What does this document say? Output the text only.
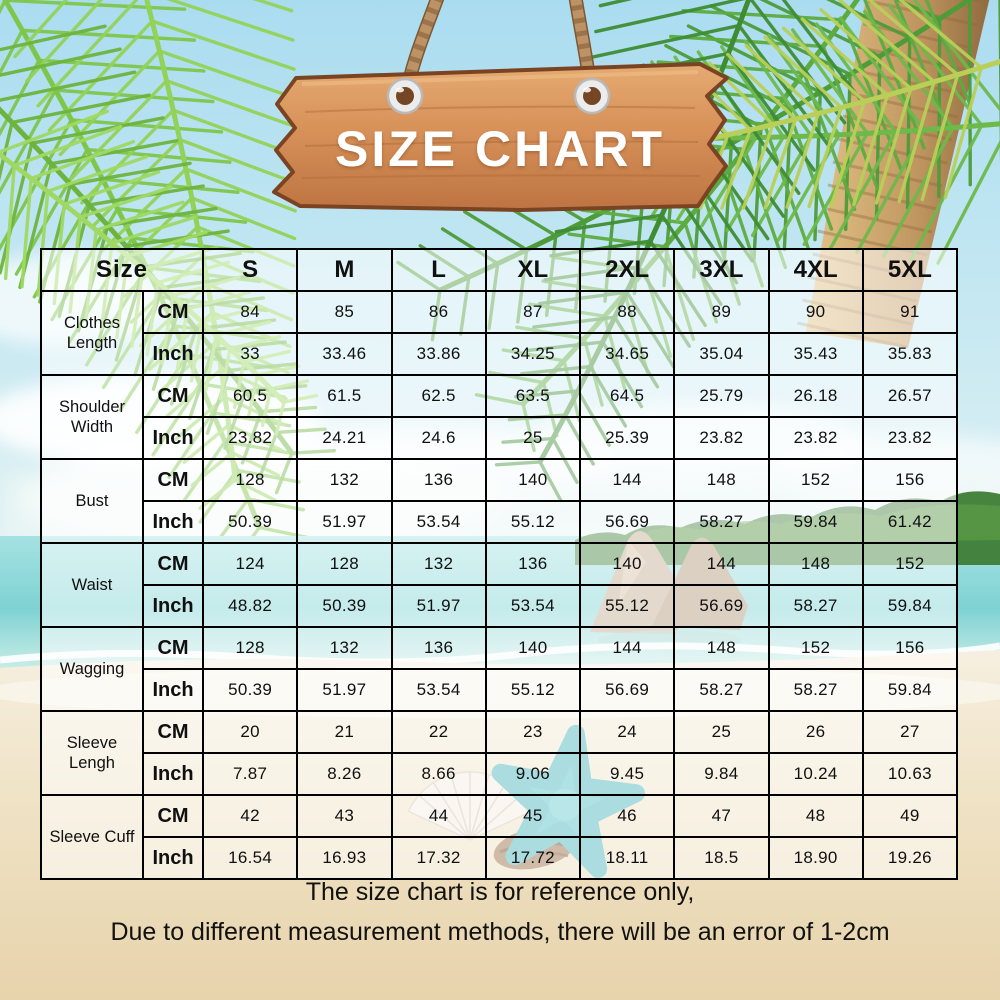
SIZE CHART
Size		S	M	L	XL	2XL	3XL	4XL	5XL
Clothes Length	CM	84	85	86	87	88	89	90	91
	Inch	33	33.46	33.86	34.25	34.65	35.04	35.43	35.83
Shoulder Width	CM	60.5	61.5	62.5	63.5	64.5	25.79	26.18	26.57
	Inch	23.82	24.21	24.6	25	25.39	23.82	23.82	23.82
Bust	CM	128	132	136	140	144	148	152	156
	Inch	50.39	51.97	53.54	55.12	56.69	58.27	59.84	61.42
Waist	CM	124	128	132	136	140	144	148	152
	Inch	48.82	50.39	51.97	53.54	55.12	56.69	58.27	59.84
Wagging	CM	128	132	136	140	144	148	152	156
	Inch	50.39	51.97	53.54	55.12	56.69	58.27	58.27	59.84
Sleeve Lengh	CM	20	21	22	23	24	25	26	27
	Inch	7.87	8.26	8.66	9.06	9.45	9.84	10.24	10.63
Sleeve Cuff	CM	42	43	44	45	46	47	48	49
	Inch	16.54	16.93	17.32	17.72	18.11	18.5	18.90	19.26
The size chart is for reference only,
Due to different measurement methods, there will be an error of 1-2cm
